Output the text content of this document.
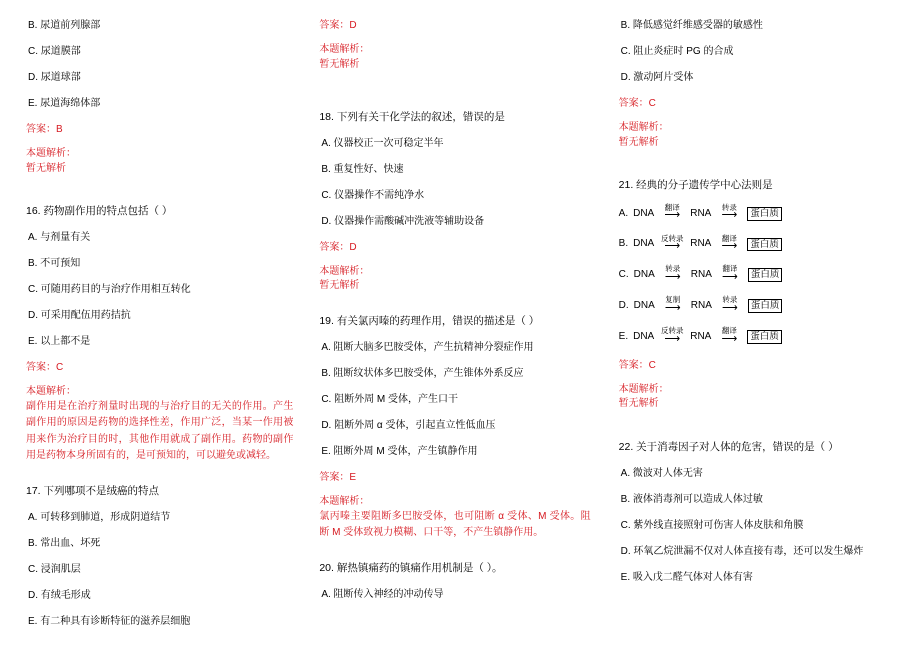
B. 尿道前列腺部

C. 尿道膜部

D. 尿道球部

E. 尿道海绵体部

答案：B

本题解析：

暂无解析

16. 药物副作用的特点包括（ ）

A. 与剂量有关

B. 不可预知

C. 可随用药目的与治疗作用相互转化

D. 可采用配伍用药拮抗

E. 以上都不是

答案：C

本题解析：

副作用是在治疗剂量时出现的与治疗目的无关的作用。产生副作用的原因是药物的选择性差，作用广泛，当某一作用被用来作为治疗目的时，其他作用就成了副作用。药物的副作用是药物本身所固有的，是可预知的，可以避免或减轻。

17. 下列哪项不是绒癌的特点

A. 可转移到肺道，形成阴道结节

B. 常出血、坏死

C. 浸润肌层

D. 有绒毛形成

E. 有二种具有诊断特征的滋养层细胞

答案：D

本题解析：

暂无解析

18. 下列有关干化学法的叙述，错误的是

A. 仪器校正一次可稳定半年

B. 重复性好、快速

C. 仪器操作不需纯净水

D. 仪器操作需酸碱冲洗液等辅助设备

答案：D

本题解析：

暂无解析

19. 有关氯丙嗪的药理作用，错误的描述是（ ）

A. 阻断大脑多巴胺受体，产生抗精神分裂症作用

B. 阻断纹状体多巴胺受体，产生锥体外系反应

C. 阻断外周 M 受体，产生口干

D. 阻断外周 α 受体，引起直立性低血压

E. 阻断外周 M 受体，产生镇静作用

答案：E

本题解析：

氯丙嗪主要阻断多巴胺受体，也可阻断 α 受体、M 受体。阻断 M 受体致视力模糊、口干等，不产生镇静作用。

20. 解热镇痛药的镇痛作用机制是（ ）。

A. 阻断传入神经的冲动传导

B. 降低感觉纤维感受器的敏感性

C. 阻止炎症时 PG 的合成

D. 激动阿片受体

答案：C

本题解析：

暂无解析

21. 经典的分子遗传学中心法则是

A. DNA
翻译
⟶ RNA
转录
⟶	蛋白质
B. DNA
反转录
⟶ RNA
翻译
⟶	蛋白质
C. DNA
转录
⟶ RNA
翻译
⟶	蛋白质
D. DNA
复制
⟶ RNA
转录
⟶	蛋白质
E. DNA
反转录
⟶ RNA
翻译
⟶	蛋白质

答案：C

本题解析：

暂无解析

22. 关于消毒因子对人体的危害，错误的是（ ）

A. 微波对人体无害

B. 液体消毒剂可以造成人体过敏

C. 紫外线直接照射可伤害人体皮肤和角膜

D. 环氧乙烷泄漏不仅对人体直接有毒，还可以发生爆炸

E. 吸入戊二醛气体对人体有害
